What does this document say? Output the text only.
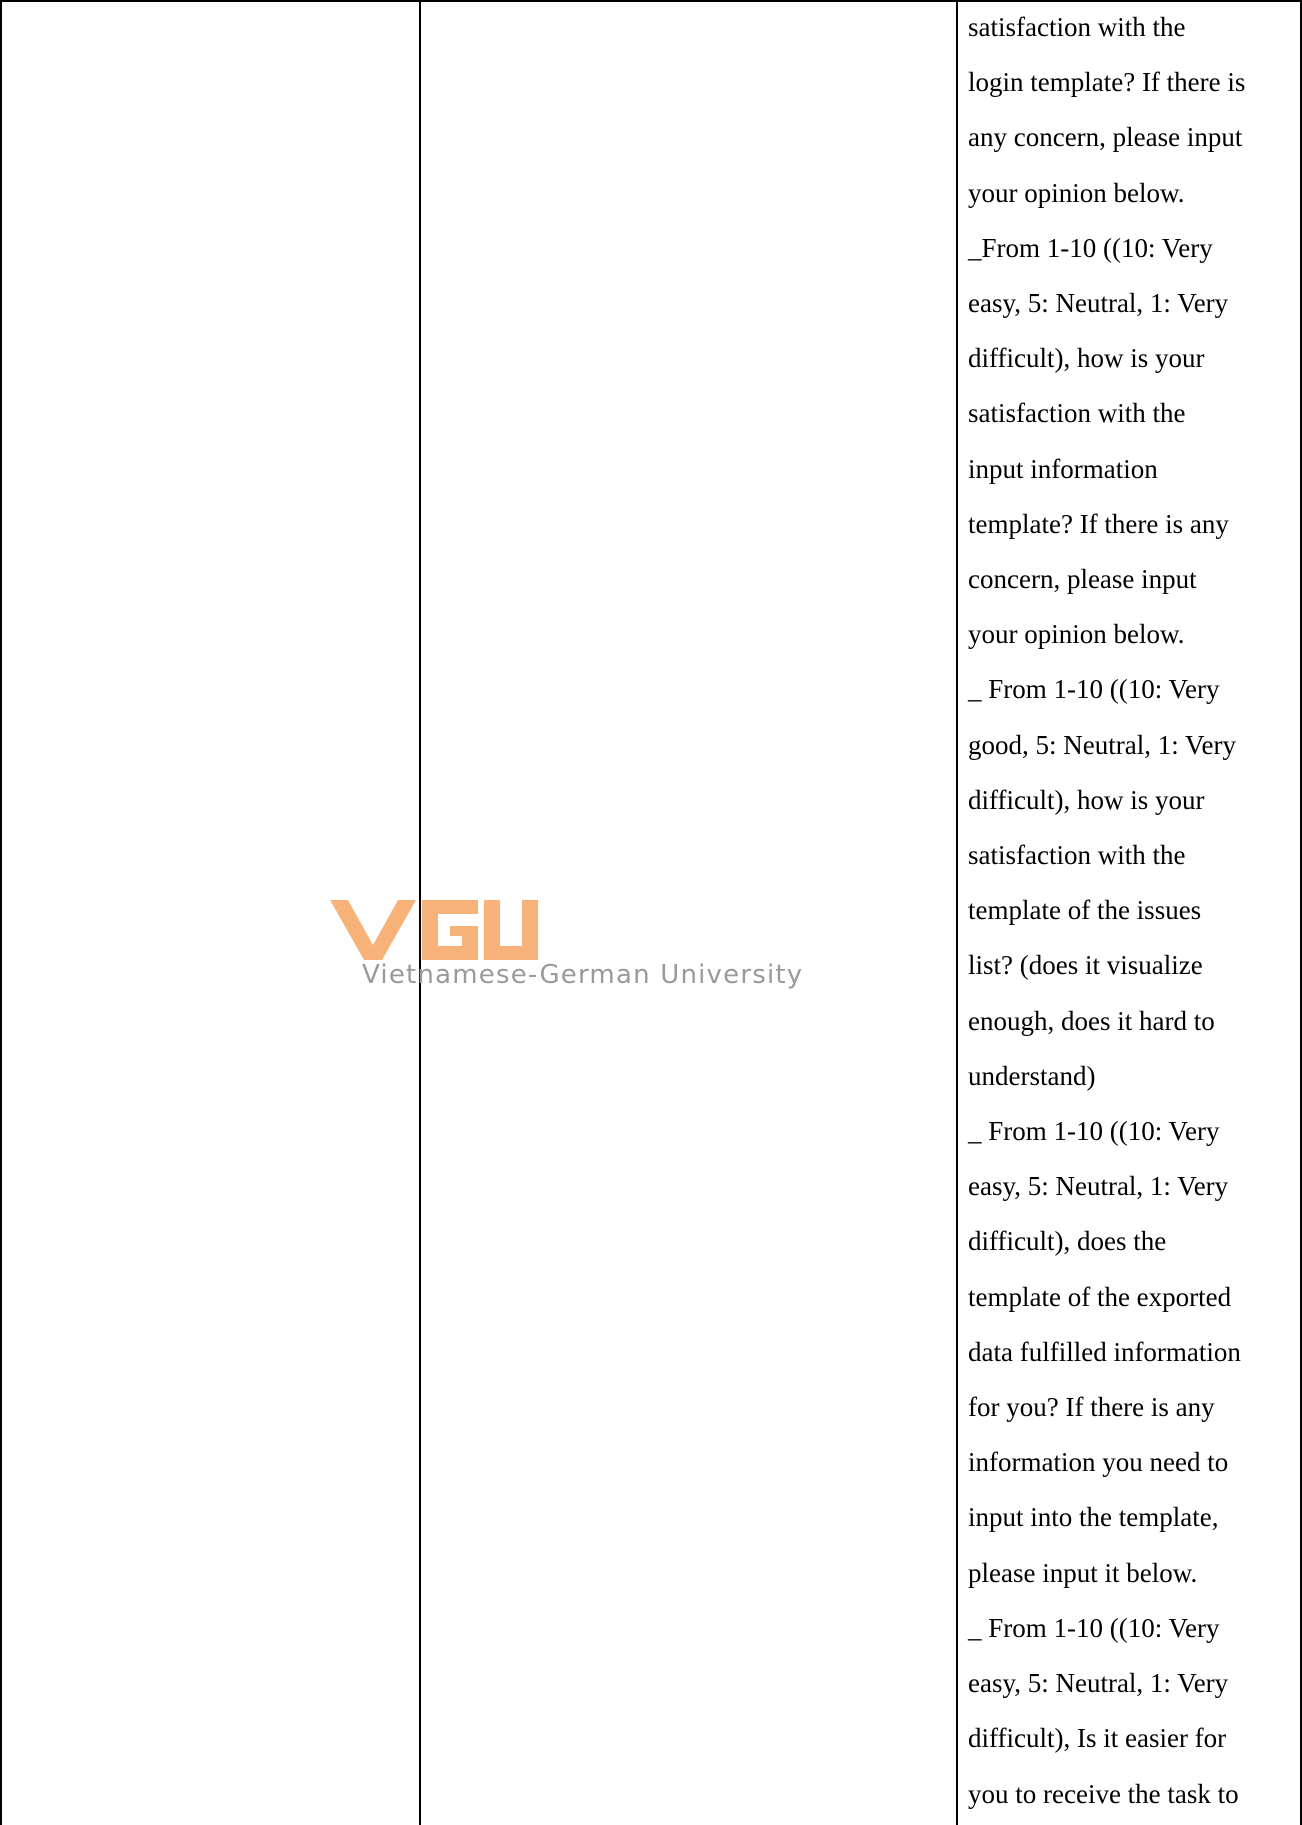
Vietnamese-German University
satisfaction with the
login template? If there is
any concern, please input
your opinion below.
_From 1-10 ((10: Very
easy, 5: Neutral, 1: Very
difficult), how is your
satisfaction with the
input information
template? If there is any
concern, please input
your opinion below.
_ From 1-10 ((10: Very
good, 5: Neutral, 1: Very
difficult), how is your
satisfaction with the
template of the issues
list? (does it visualize
enough, does it hard to
understand)
_ From 1-10 ((10: Very
easy, 5: Neutral, 1: Very
difficult), does the
template of the exported
data fulfilled information
for you? If there is any
information you need to
input into the template,
please input it below.
_ From 1-10 ((10: Very
easy, 5: Neutral, 1: Very
difficult), Is it easier for
you to receive the task to
